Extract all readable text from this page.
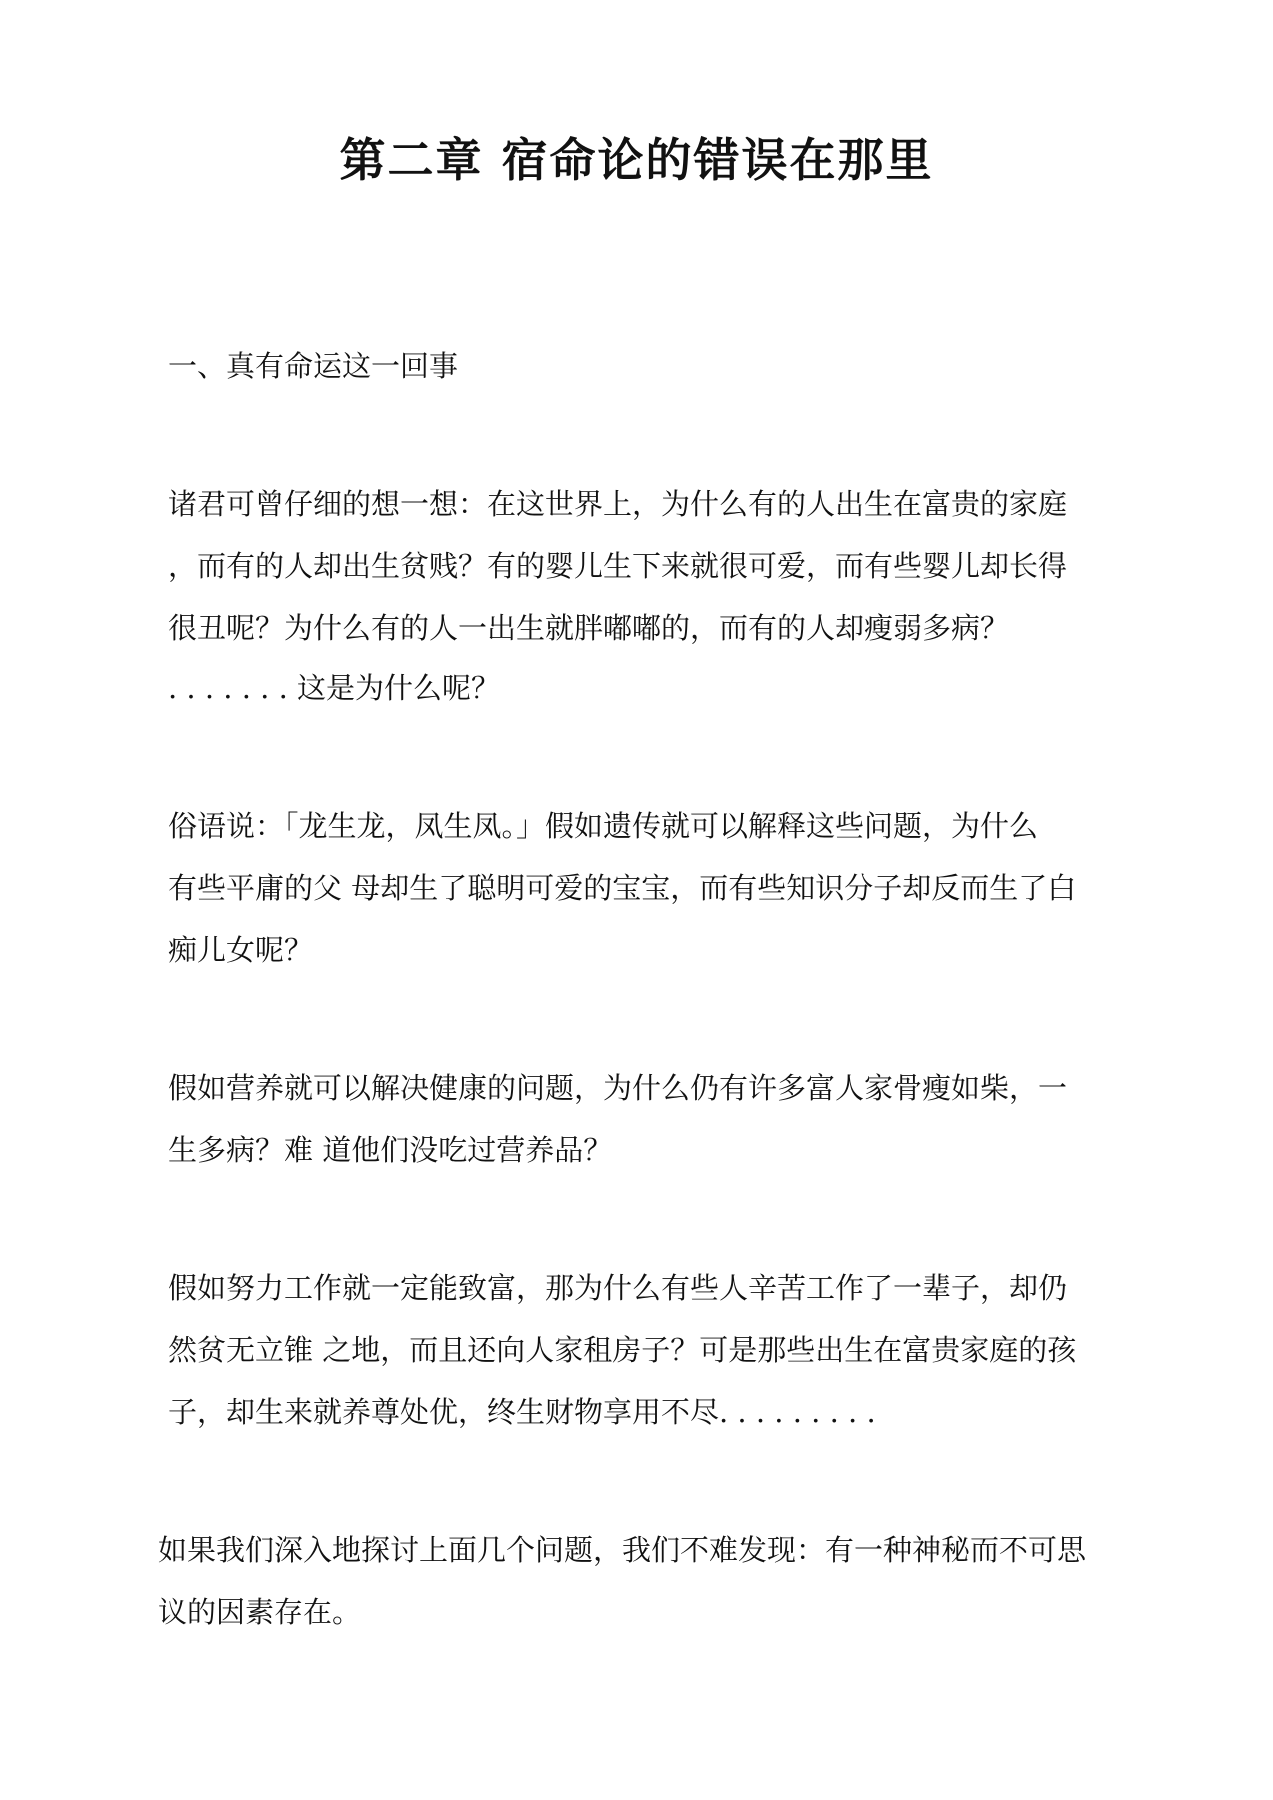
第二章 宿命论的错误在那里

一、真有命运这一回事

诸君可曾仔细的想一想：在这世界上，为什么有的人出生在富贵的家庭

，而有的人却出生贫贱？有的婴儿生下来就很可爱，而有些婴儿却长得

很丑呢？为什么有的人一出生就胖嘟嘟的，而有的人却瘦弱多病？

. . . . . . . 这是为什么呢？

俗语说：「龙生龙，凤生凤。」假如遗传就可以解释这些问题，为什么

有些平庸的父 母却生了聪明可爱的宝宝，而有些知识分子却反而生了白

痴儿女呢？

假如营养就可以解决健康的问题，为什么仍有许多富人家骨瘦如柴，一

生多病？难 道他们没吃过营养品？

假如努力工作就一定能致富，那为什么有些人辛苦工作了一辈子，却仍

然贫无立锥 之地，而且还向人家租房子？可是那些出生在富贵家庭的孩

子，却生来就养尊处优，终生财物享用不尽. . . . . . . . .

如果我们深入地探讨上面几个问题，我们不难发现：有一种神秘而不可思

议的因素存在。
